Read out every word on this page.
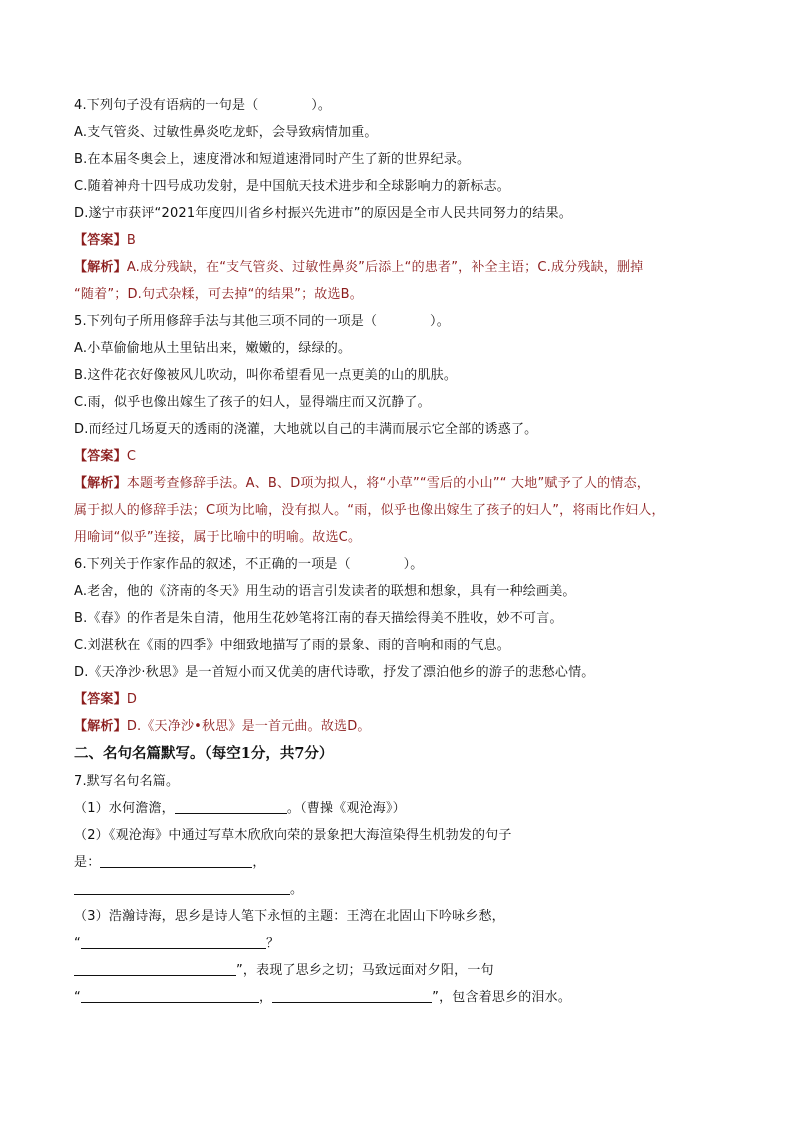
4.下列句子没有语病的一句是（　　　　）。
A.支气管炎、过敏性鼻炎吃龙虾，会导致病情加重。
B.在本届冬奥会上，速度滑冰和短道速滑同时产生了新的世界纪录。
C.随着神舟十四号成功发射，是中国航天技术进步和全球影响力的新标志。
D.遂宁市获评“2021年度四川省乡村振兴先进市”的原因是全市人民共同努力的结果。
【答案】B
【解析】A.成分残缺，在“支气管炎、过敏性鼻炎”后添上“的患者”，补全主语；C.成分残缺，删掉
“随着”；D.句式杂糅，可去掉“的结果”；故选B。
5.下列句子所用修辞手法与其他三项不同的一项是（　　　　）。
A.小草偷偷地从土里钻出来，嫩嫩的，绿绿的。
B.这件花衣好像被风儿吹动，叫你希望看见一点更美的山的肌肤。
C.雨，似乎也像出嫁生了孩子的妇人，显得端庄而又沉静了。
D.而经过几场夏天的透雨的浇灌，大地就以自己的丰满而展示它全部的诱惑了。
【答案】C
【解析】本题考查修辞手法。A、B、D项为拟人，将“小草”“雪后的小山”“ 大地”赋予了人的情态，
属于拟人的修辞手法；C项为比喻，没有拟人。“雨，似乎也像出嫁生了孩子的妇人”，将雨比作妇人，
用喻词“似乎”连接，属于比喻中的明喻。故选C。
6.下列关于作家作品的叙述，不正确的一项是（　　　　）。
A.老舍，他的《济南的冬天》用生动的语言引发读者的联想和想象，具有一种绘画美。
B.《春》的作者是朱自清，他用生花妙笔将江南的春天描绘得美不胜收，妙不可言。
C.刘湛秋在《雨的四季》中细致地描写了雨的景象、雨的音响和雨的气息。
D.《天净沙·秋思》是一首短小而又优美的唐代诗歌，抒发了漂泊他乡的游子的悲愁心情。
【答案】D
【解析】D.《天净沙•秋思》是一首元曲。故选D。
二、名句名篇默写。（每空1分，共7分）
7.默写名句名篇。
（1）水何澹澹，	。（曹操《观沧海》）
（2）《观沧海》中通过写草木欣欣向荣的景象把大海渲染得生机勃发的句子
是：	，
。
（3）浩瀚诗海，思乡是诗人笔下永恒的主题：王湾在北固山下吟咏乡愁，
“	？
”，表现了思乡之切；马致远面对夕阳，一句
“	，	”，包含着思乡的泪水。
